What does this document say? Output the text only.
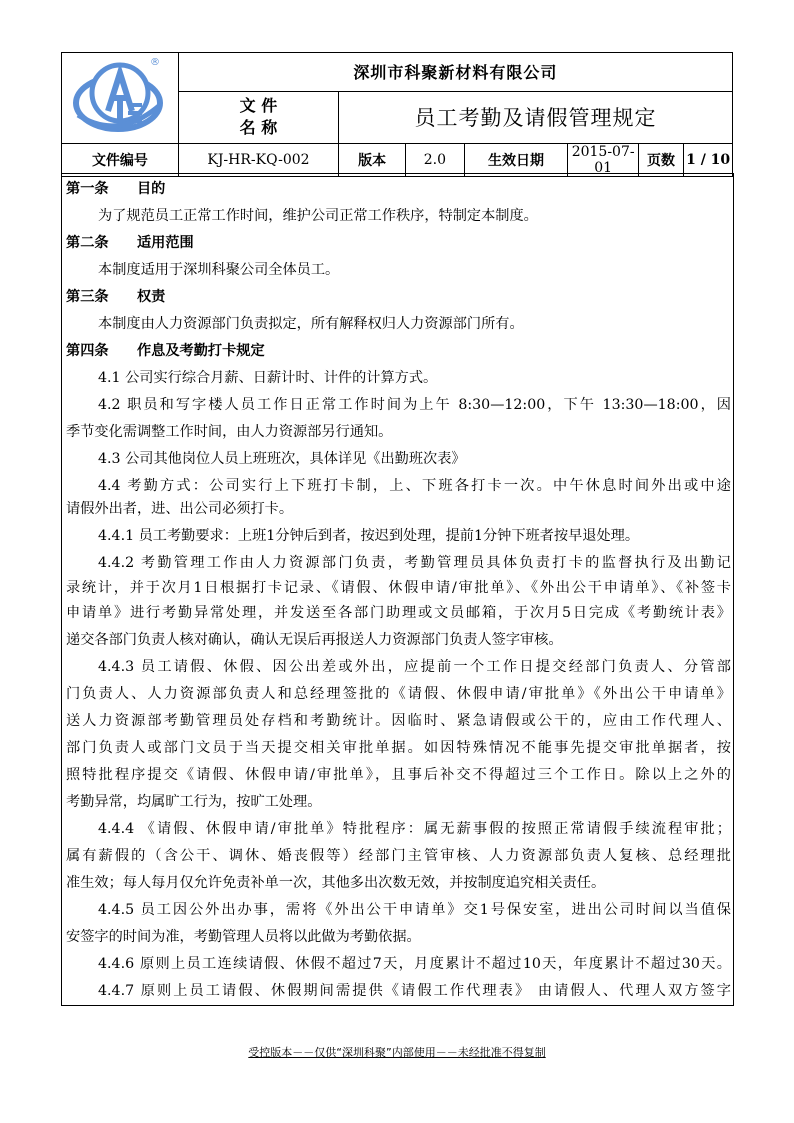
®	深圳市科聚新材料有限公司						

	文 件
名 称	员工考勤及请假管理规定					
文件编号	KJ-HR-KQ-002	版本	2.0	生效日期	2015-07-01	页数	1 / 10
第一条　　目的
为了规范员工正常工作时间，维护公司正常工作秩序，特制定本制度。
第二条　　适用范围
本制度适用于深圳科聚公司全体员工。
第三条　　权责
本制度由人力资源部门负责拟定，所有解释权归人力资源部门所有。
第四条　　作息及考勤打卡规定
4.1 公司实行综合月薪、日薪计时、计件的计算方式。
4.2 职员和写字楼人员工作日正常工作时间为上午 8:30—12:00，下午 13:30—18:00，因
季节变化需调整工作时间，由人力资源部另行通知。
4.3 公司其他岗位人员上班班次，具体详见《出勤班次表》
4.4 考勤方式：公司实行上下班打卡制，上、下班各打卡一次。中午休息时间外出或中途
请假外出者，进、出公司必须打卡。
4.4.1 员工考勤要求：上班1分钟后到者，按迟到处理，提前1分钟下班者按早退处理。
4.4.2 考勤管理工作由人力资源部门负责，考勤管理员具体负责打卡的监督执行及出勤记
录统计，并于次月1日根据打卡记录、《请假、休假申请/审批单》、《外出公干申请单》、《补签卡
申请单》进行考勤异常处理，并发送至各部门助理或文员邮箱，于次月5日完成《考勤统计表》
递交各部门负责人核对确认，确认无误后再报送人力资源部门负责人签字审核。
4.4.3 员工请假、休假、因公出差或外出，应提前一个工作日提交经部门负责人、分管部
门负责人、人力资源部负责人和总经理签批的《请假、休假申请/审批单》《外出公干申请单》
送人力资源部考勤管理员处存档和考勤统计。因临时、紧急请假或公干的，应由工作代理人、
部门负责人或部门文员于当天提交相关审批单据。如因特殊情况不能事先提交审批单据者，按
照特批程序提交《请假、休假申请/审批单》，且事后补交不得超过三个工作日。除以上之外的
考勤异常，均属旷工行为，按旷工处理。
4.4.4 《请假、休假申请/审批单》特批程序：属无薪事假的按照正常请假手续流程审批；
属有薪假的（含公干、调休、婚丧假等）经部门主管审核、人力资源部负责人复核、总经理批
准生效；每人每月仅允许免责补单一次，其他多出次数无效，并按制度追究相关责任。
4.4.5 员工因公外出办事，需将《外出公干申请单》交1号保安室，进出公司时间以当值保
安签字的时间为准，考勤管理人员将以此做为考勤依据。
4.4.6 原则上员工连续请假、休假不超过7天，月度累计不超过10天，年度累计不超过30天。
4.4.7 原则上员工请假、休假期间需提供《请假工作代理表》 由请假人、代理人双方签字
受控版本－－仅供“深圳科聚”内部使用－－未经批准不得复制
